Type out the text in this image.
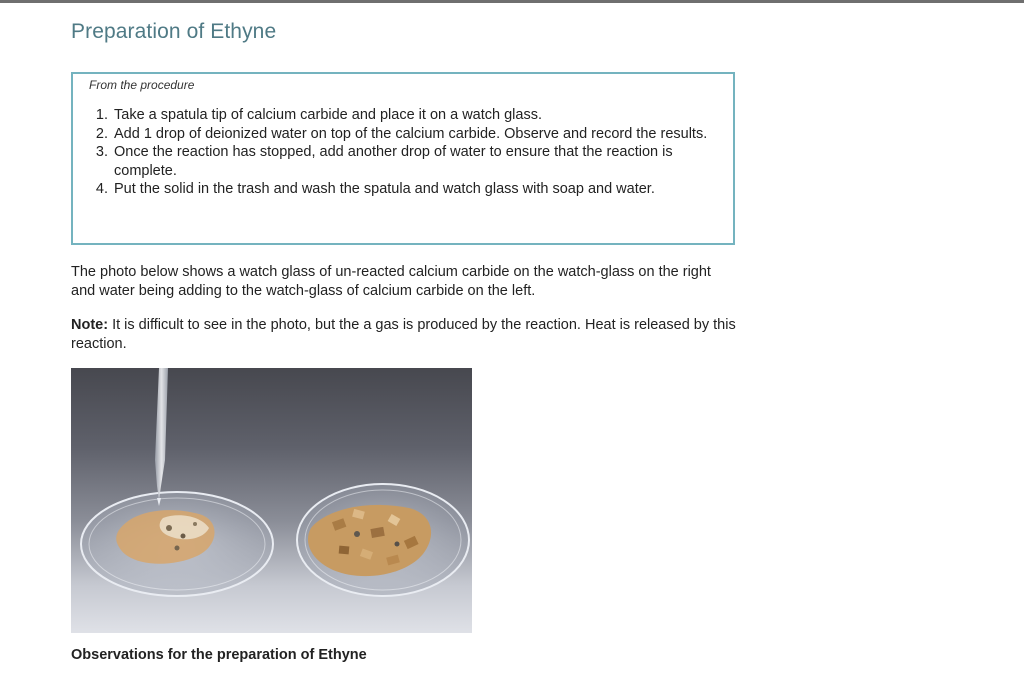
Preparation of Ethyne
From the procedure
1. Take a spatula tip of calcium carbide and place it on a watch glass.
2. Add 1 drop of deionized water on top of the calcium carbide. Observe and record the results.
3. Once the reaction has stopped, add another drop of water to ensure that the reaction is complete.
4. Put the solid in the trash and wash the spatula and watch glass with soap and water.

The photo below shows a watch glass of un-reacted calcium carbide on the watch-glass on the right and water being adding to the watch-glass of calcium carbide on the left.

Note: It is difficult to see in the photo, but the a gas is produced by the reaction. Heat is released by this reaction.

Observations for the preparation of Ethyne
